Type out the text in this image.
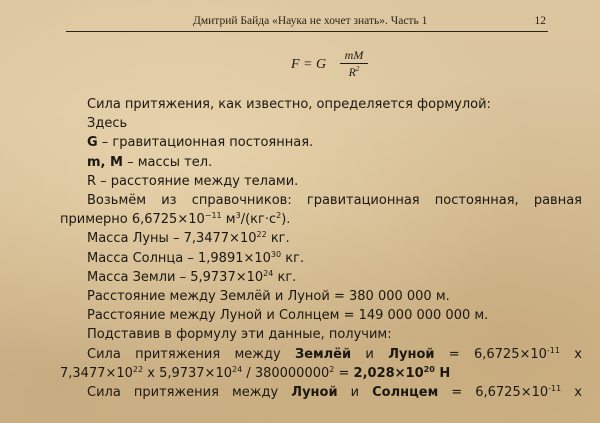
Дмитрий Байда «Наука не хочет знать». Часть 1	12
F = G
mM
$R^2$

Сила притяжения, как известно, определяется формулой:

Здесь

G – гравитационная постоянная.

m, M – массы тел.

R – расстояние между телами.

Возьмём из справочников: гравитационная постоянная, равная

примерно $6,6725\times 10^{-11}$ $м^3/(кг\cdot с^2)$.

Масса Луны – $7,3477\times 10^{22}$ кг.

Масса Солнца – $1,9891\times 10^{30}$ кг.

Масса Земли – $5,9737\times 10^{24}$ кг.

Расстояние между Землёй и Луной = 380 000 000 м.

Расстояние между Луной и Солнцем = 149 000 000 000 м.

Подставив в формулу эти данные, получим:

Сила притяжения между Землёй и Луной = $6,6725\times 10^{-11}$ х

$7,3477\times 10^{22}$ х $5,9737\times 10^{24} / 380000000^2 = 2,028\times 10^{20}$ Н

Сила притяжения между Луной и Солнцем = $6,6725\times 10^{-11}$ х
